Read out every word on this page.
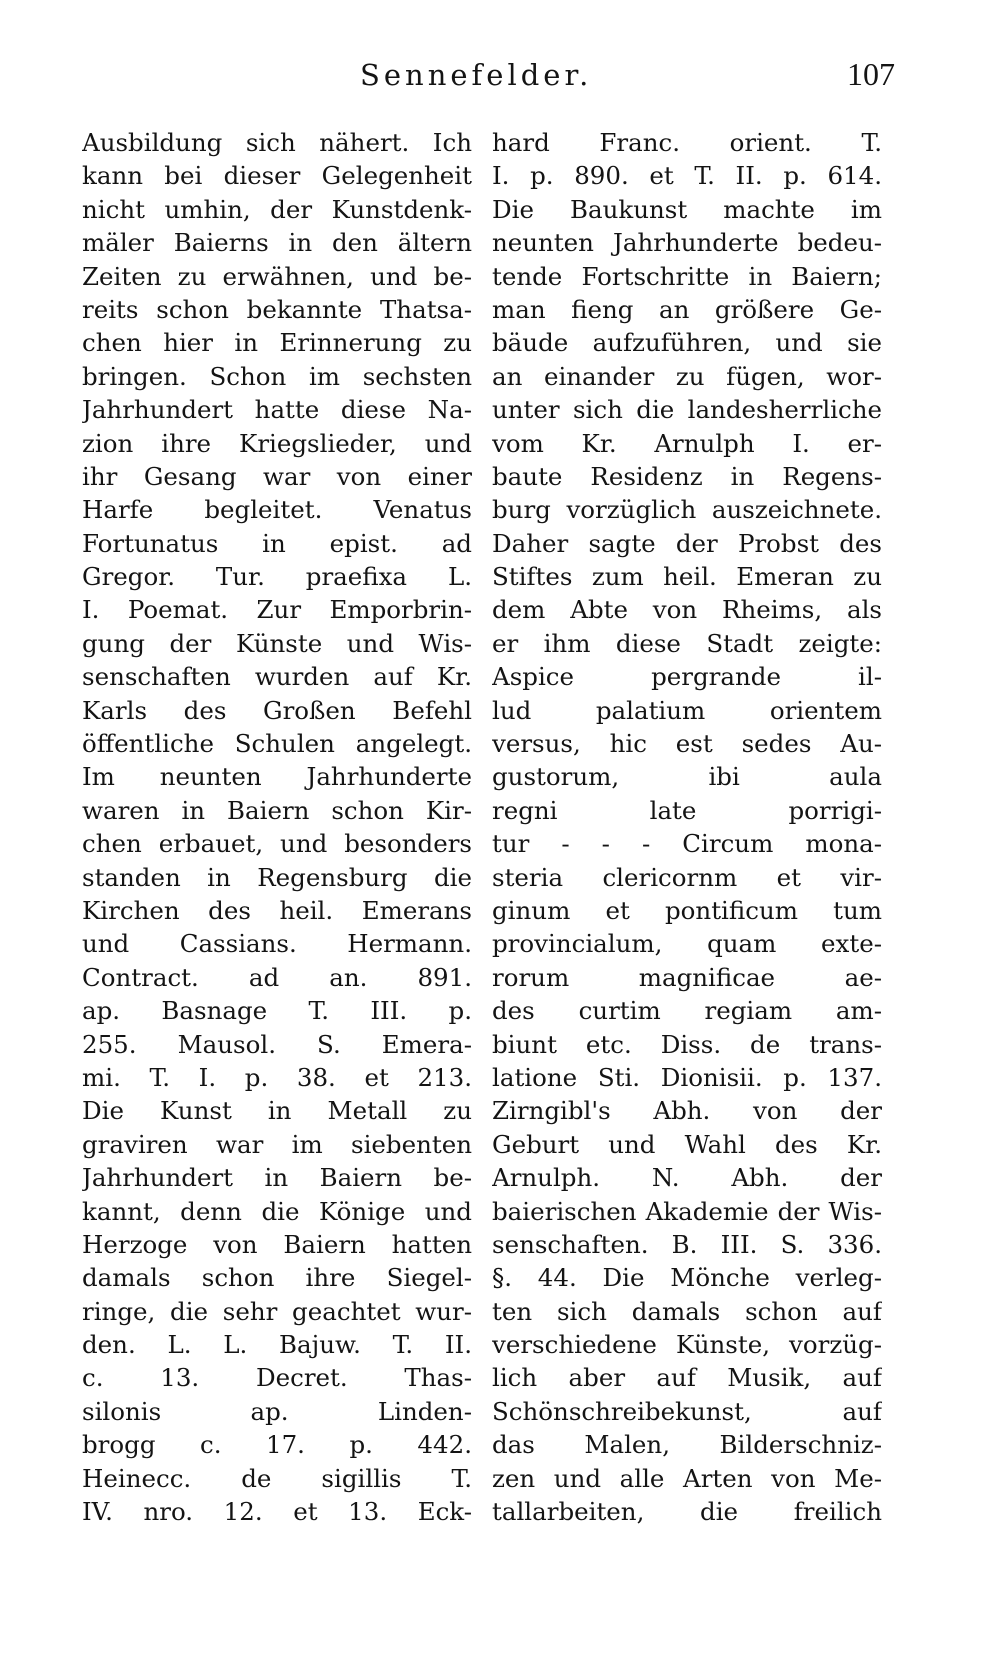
Sennefelder.	107
Ausbildung sich nähert. Ich
kann bei dieser Gelegenheit
nicht umhin, der Kunstdenk-
mäler Baierns in den ältern
Zeiten zu erwähnen, und be-
reits schon bekannte Thatsa-
chen hier in Erinnerung zu
bringen. Schon im sechsten
Jahrhundert hatte diese Na-
zion ihre Kriegslieder, und
ihr Gesang war von einer
Harfe begleitet. Venatus
Fortunatus in epist. ad
Gregor. Tur. praefixa L.
I. Poemat. Zur Emporbrin-
gung der Künste und Wis-
senschaften wurden auf Kr.
Karls des Großen Befehl
öffentliche Schulen angelegt.
Im neunten Jahrhunderte
waren in Baiern schon Kir-
chen erbauet, und besonders
standen in Regensburg die
Kirchen des heil. Emerans
und Cassians. Hermann.
Contract. ad an. 891.
ap. Basnage T. III. p.
255. Mausol. S. Emera-
mi. T. I. p. 38. et 213.
Die Kunst in Metall zu
graviren war im siebenten
Jahrhundert in Baiern be-
kannt, denn die Könige und
Herzoge von Baiern hatten
damals schon ihre Siegel-
ringe, die sehr geachtet wur-
den. L. L. Bajuw. T. II.
c. 13. Decret. Thas-
silonis ap. Linden-
brogg c. 17. p. 442.
Heinecc. de sigillis T.
IV. nro. 12. et 13. Eck-
hard Franc. orient. T.
I. p. 890. et T. II. p. 614.
Die Baukunst machte im
neunten Jahrhunderte bedeu-
tende Fortschritte in Baiern;
man fieng an größere Ge-
bäude aufzuführen, und sie
an einander zu fügen, wor-
unter sich die landesherrliche
vom Kr. Arnulph I. er-
baute Residenz in Regens-
burg vorzüglich auszeichnete.
Daher sagte der Probst des
Stiftes zum heil. Emeran zu
dem Abte von Rheims, als
er ihm diese Stadt zeigte:
Aspice pergrande il-
lud palatium orientem
versus, hic est sedes Au-
gustorum, ibi aula
regni late porrigi-
tur - - - Circum mona-
steria clericornm et vir-
ginum et pontificum tum
provincialum, quam exte-
rorum magnificae ae-
des curtim regiam am-
biunt etc. Diss. de trans-
latione Sti. Dionisii. p. 137.
Zirngibl's Abh. von der
Geburt und Wahl des Kr.
Arnulph. N. Abh. der
baierischen Akademie der Wis-
senschaften. B. III. S. 336.
§. 44. Die Mönche verleg-
ten sich damals schon auf
verschiedene Künste, vorzüg-
lich aber auf Musik, auf
Schönschreibekunst, auf
das Malen, Bilderschniz-
zen und alle Arten von Me-
tallarbeiten, die freilich
